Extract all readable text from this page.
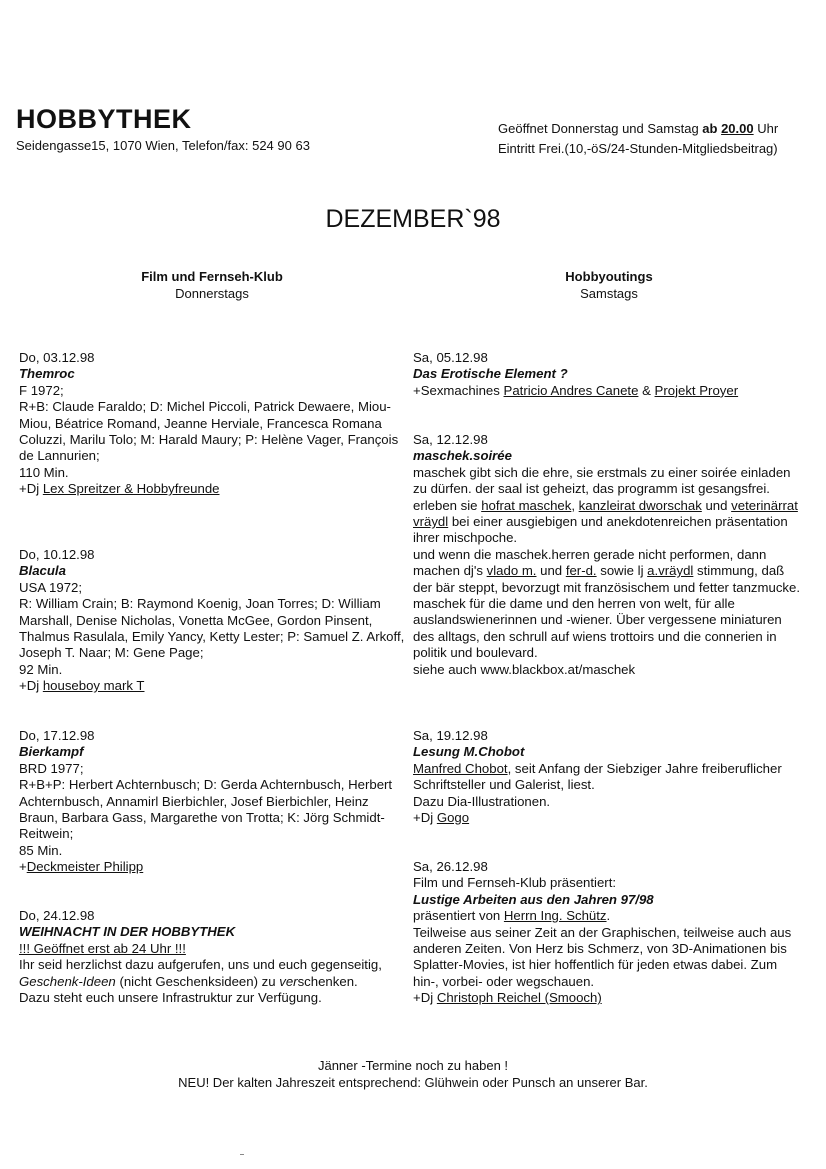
HOBBYTHEK
Seidengasse15, 1070 Wien, Telefon/fax: 524 90 63
Geöffnet Donnerstag und Samstag ab 20.00 Uhr
Eintritt Frei.(10,-öS/24-Stunden-Mitgliedsbeitrag)
DEZEMBER`98
Film und Fernseh-Klub
Donnerstags
Hobbyoutings
Samstags
Do, 03.12.98
Themroc
F 1972;
R+B: Claude Faraldo; D: Michel Piccoli, Patrick Dewaere, Miou-Miou, Béatrice Romand, Jeanne Herviale, Francesca Romana Coluzzi, Marilu Tolo; M: Harald Maury; P: Helène Vager, François de Lannurien;
110 Min.
+Dj Lex Spreitzer & Hobbyfreunde
Do, 10.12.98
Blacula
USA 1972;
R: William Crain; B: Raymond Koenig, Joan Torres; D: William Marshall, Denise Nicholas, Vonetta McGee, Gordon Pinsent, Thalmus Rasulala, Emily Yancy, Ketty Lester; P: Samuel Z. Arkoff, Joseph T. Naar; M: Gene Page;
92 Min.
+Dj houseboy mark T
Do, 17.12.98
Bierkampf
BRD 1977;
R+B+P: Herbert Achternbusch; D: Gerda Achternbusch, Herbert Achternbusch, Annamirl Bierbichler, Josef Bierbichler, Heinz Braun, Barbara Gass, Margarethe von Trotta; K: Jörg Schmidt-Reitwein;
85 Min.
+Deckmeister Philipp
Do, 24.12.98
WEIHNACHT IN DER HOBBYTHEK
!!! Geöffnet erst ab 24 Uhr !!!
Ihr seid herzlichst dazu aufgerufen, uns und euch gegenseitig, Geschenk-Ideen (nicht Geschenksideen) zu verschenken.
Dazu steht euch unsere Infrastruktur zur Verfügung.
Sa, 05.12.98
Das Erotische Element ?
+Sexmachines Patricio Andres Canete & Projekt Proyer
Sa, 12.12.98
maschek.soirée
maschek gibt sich die ehre, sie erstmals zu einer soirée einladen zu dürfen. der saal ist geheizt, das programm ist gesangsfrei. erleben sie hofrat maschek, kanzleirat dworschak und veterinärrat vräydl bei einer ausgiebigen und anekdotenreichen präsentation ihrer mischpoche.
und wenn die maschek.herren gerade nicht performen, dann machen dj's vlado m. und fer-d. sowie lj a.vräydl stimmung, daß der bär steppt, bevorzugt mit französischem und fetter tanzmucke.
maschek für die dame und den herren von welt, für alle auslandswienerinnen und -wiener. Über vergessene miniaturen des alltags, den schrull auf wiens trottoirs und die connerien in politik und boulevard.
siehe auch www.blackbox.at/maschek
Sa, 19.12.98
Lesung M.Chobot
Manfred Chobot, seit Anfang der Siebziger Jahre freiberuflicher Schriftsteller und Galerist, liest.
Dazu Dia-Illustrationen.
+Dj Gogo
Sa, 26.12.98
Film und Fernseh-Klub präsentiert:
Lustige Arbeiten aus den Jahren 97/98
präsentiert von Herrn Ing. Schütz.
Teilweise aus seiner Zeit an der Graphischen, teilweise auch aus anderen Zeiten. Von Herz bis Schmerz, von 3D-Animationen bis Splatter-Movies, ist hier hoffentlich für jeden etwas dabei. Zum hin-, vorbei- oder wegschauen.
+Dj Christoph Reichel (Smooch)
Jänner -Termine noch zu haben !
NEU! Der kalten Jahreszeit entsprechend: Glühwein oder Punsch an unserer Bar.
